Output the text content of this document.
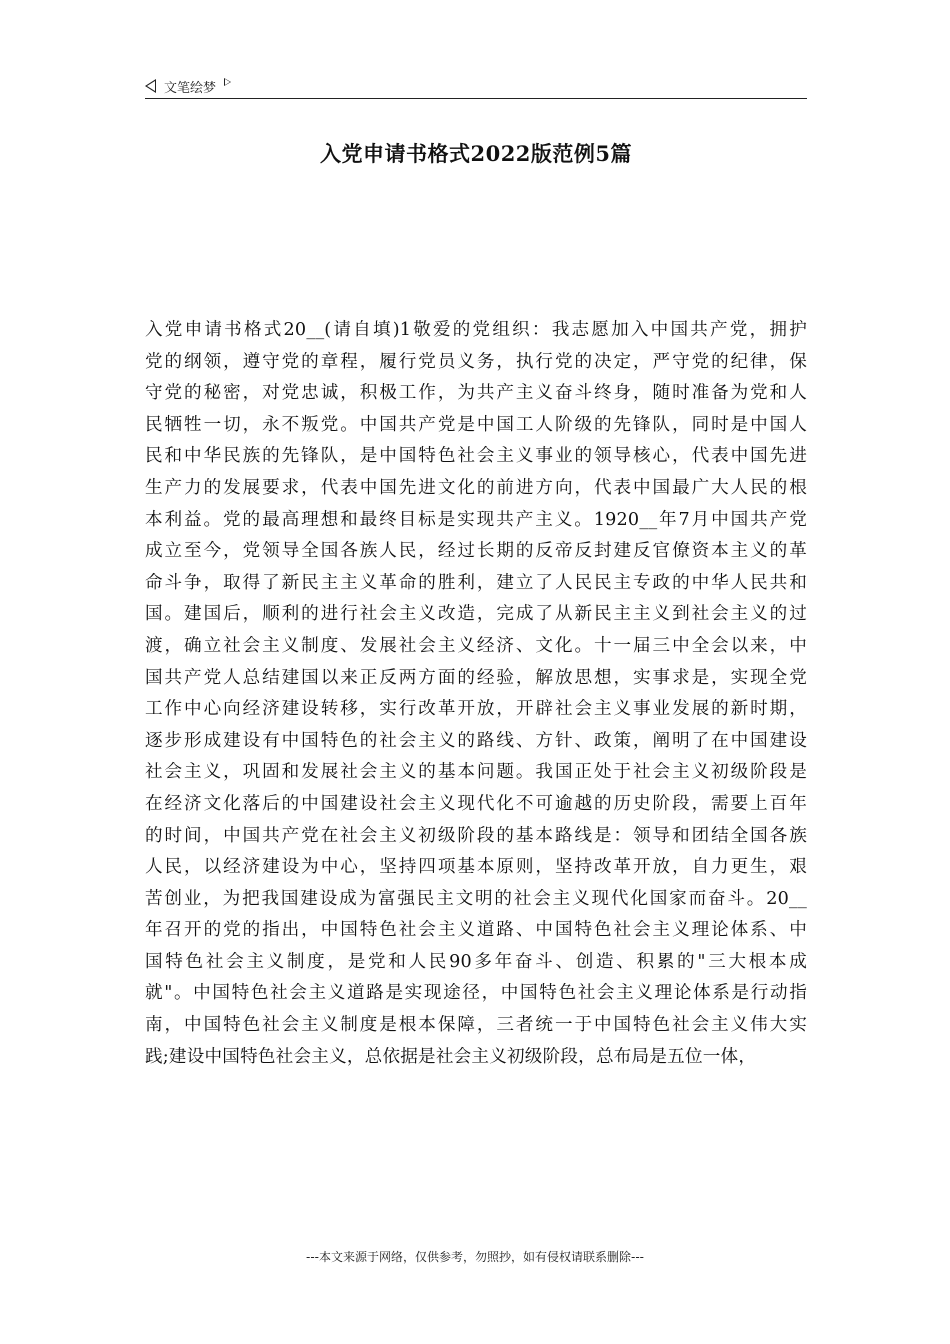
文笔绘梦
入党申请书格式2022版范例5篇
入党申请书格式20__(请自填)1敬爱的党组织：我志愿加入中国共产党，拥护
党的纲领，遵守党的章程，履行党员义务，执行党的决定，严守党的纪律，保
守党的秘密，对党忠诚，积极工作，为共产主义奋斗终身，随时准备为党和人
民牺牲一切，永不叛党。中国共产党是中国工人阶级的先锋队，同时是中国人
民和中华民族的先锋队，是中国特色社会主义事业的领导核心，代表中国先进
生产力的发展要求，代表中国先进文化的前进方向，代表中国最广大人民的根
本利益。党的最高理想和最终目标是实现共产主义。1920__年7月中国共产党
成立至今，党领导全国各族人民，经过长期的反帝反封建反官僚资本主义的革
命斗争，取得了新民主主义革命的胜利，建立了人民民主专政的中华人民共和
国。建国后，顺利的进行社会主义改造，完成了从新民主主义到社会主义的过
渡，确立社会主义制度、发展社会主义经济、文化。十一届三中全会以来，中
国共产党人总结建国以来正反两方面的经验，解放思想，实事求是，实现全党
工作中心向经济建设转移，实行改革开放，开辟社会主义事业发展的新时期，
逐步形成建设有中国特色的社会主义的路线、方针、政策，阐明了在中国建设
社会主义，巩固和发展社会主义的基本问题。我国正处于社会主义初级阶段是
在经济文化落后的中国建设社会主义现代化不可逾越的历史阶段，需要上百年
的时间，中国共产党在社会主义初级阶段的基本路线是：领导和团结全国各族
人民，以经济建设为中心，坚持四项基本原则，坚持改革开放，自力更生，艰
苦创业，为把我国建设成为富强民主文明的社会主义现代化国家而奋斗。20__
年召开的党的指出，中国特色社会主义道路、中国特色社会主义理论体系、中
国特色社会主义制度，是党和人民90多年奋斗、创造、积累的"三大根本成
就"。中国特色社会主义道路是实现途径，中国特色社会主义理论体系是行动指
南，中国特色社会主义制度是根本保障，三者统一于中国特色社会主义伟大实
践;建设中国特色社会主义，总依据是社会主义初级阶段，总布局是五位一体，
---本文来源于网络，仅供参考，勿照抄，如有侵权请联系删除---
